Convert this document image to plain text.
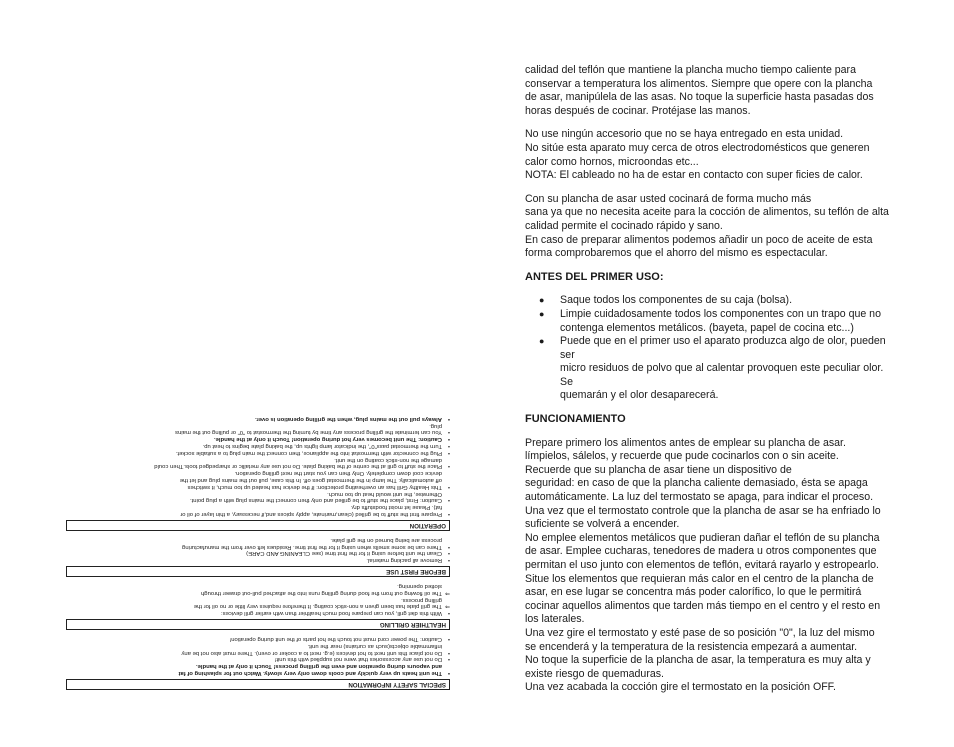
calidad del teflón que mantiene la plancha mucho tiempo caliente para
conservar a temperatura los alimentos. Siempre que opere con la plancha
de asar, manipúlela de las asas. No toque la superficie hasta pasadas dos
horas después de cocinar. Protéjase las manos.

No use ningún accesorio que no se haya entregado en esta unidad.
No sitúe esta aparato muy cerca de otros electrodomésticos que generen
calor como hornos, microondas etc...
NOTA: El cableado no ha de estar en contacto con super ficies de calor.

Con su plancha de asar usted cocinará de forma mucho más
sana ya que no necesita aceite para la cocción de alimentos, su teflón de alta
calidad permite el cocinado rápido y sano.
En caso de preparar alimentos podemos añadir un poco de aceite de esta
forma comprobaremos que el ahorro del mismo es espectacular.

ANTES DEL PRIMER USO:

● Saque todos los componentes de su caja (bolsa).

● Limpie cuidadosamente todos los componentes con un trapo que no
contenga elementos metálicos. (bayeta, papel de cocina etc...)

● Puede que en el primer uso el aparato produzca algo de olor, pueden ser
micro residuos de polvo que al calentar provoquen este peculiar olor. Se
quemarán y el olor desaparecerá.

FUNCIONAMIENTO

Prepare primero los alimentos antes de emplear su plancha de asar.

límpielos, sálelos, y recuerde que pude cocinarlos con o sin aceite.

Recuerde que su plancha de asar tiene un dispositivo de

seguridad: en caso de que la plancha caliente demasiado, ésta se apaga

automáticamente. La luz del termostato se apaga, para indicar el proceso.

Una vez que el termostato controle que la plancha de asar se ha enfriado lo

suficiente se volverá a encender.

No emplee elementos metálicos que pudieran dañar el teflón de su plancha

de asar. Emplee cucharas, tenedores de madera u otros componentes que

permitan el uso junto con elementos de teflón, evitará rayarlo y estropearlo.

Situe los elementos que requieran más calor en el centro de la plancha de

asar, en ese lugar se concentra más poder calorífico, lo que le permitirá

cocinar aquellos alimentos que tarden más tiempo en el centro y el resto en

los laterales.

Una vez gire el termostato y esté pase de so posición "0", la luz del mismo

se encenderá y la temperatura de la resistencia empezará a aumentar.

No toque la superficie de la plancha de asar, la temperatura es muy alta y

existe riesgo de quemaduras.

Una vez acabada la cocción gire el termostato en la posición OFF.

SPECIAL SAFETY INFORMATION
•
The unit heats up very quickly and cools down only very slowly. Watch out for splashing of fat
and vapours during operation and even the grilling process! Touch it only at the handle.

•
Do not use any accessories that were not supplied with this unit!

•
Do not place this unit next to hot devices (e.g. next to a cooker or oven). There must also not be any
inflammable objects(such as curtains) near the unit.

•
Caution: The power cord must not touch the hot parts of the unit during operation!

HEALTHIER GRILLING
•
With this diet grill, you can prepare food much healthier than with earlier grill devices:

⇒
The grill plate has been given a non-stick coating. It therefore requires very little or no oil for the
grilling process.

⇒
The oil flowing out from the food during grilling runs into the attached pull-out drawer through
slotted openning.

BEFORE FIRST USE
•
Remove all packing material.

•
Clean the unit before using it for the first time (see CLEANING AND CARE)

•
There can be some smells when using it for the first time. Residues left over from the manufacturing
process are being burned on the grill plate.

OPERATION
•
Prepare first the stuff to be grilled (clean,marinate, apply spices and,if necessary, a thin layer of oil or
fat). Please let moist foodstuffs dry.

•
Caution: First, place the stuff to be grilled and only then connect the mains plug with a plug point.
Otherwise, the unit would heat up too much.

•
This Healthy Grill has an overheating protection: If the device has heated up too much, it switches
off automatically. The lamp in the thermostat goes off. In this case, pull out the mains plug and let the
device cool down completely. Only then can you start the next grilling operation.

•
Place the stuff to grill at the centre of the baking plate. Do not use any metallic or sharpedged tools.Then could
damage the non-stick coating on the unit.

•
Plug the connector with thermostat into the appliance, then connect the main plug to a suitable socket.

•
Turn the thermostat pass"0", the indicator lamp lights up, the baking plate begins to heat up.

•
Caution: The unit becomes very hot during operation! Touch it only at the handle.

•
You can terminate the grilling process any time by turning the thermostat to "0" or pulling out the mains
plug.

•
Always pull out the mains plug, when the grilling operation is over.
